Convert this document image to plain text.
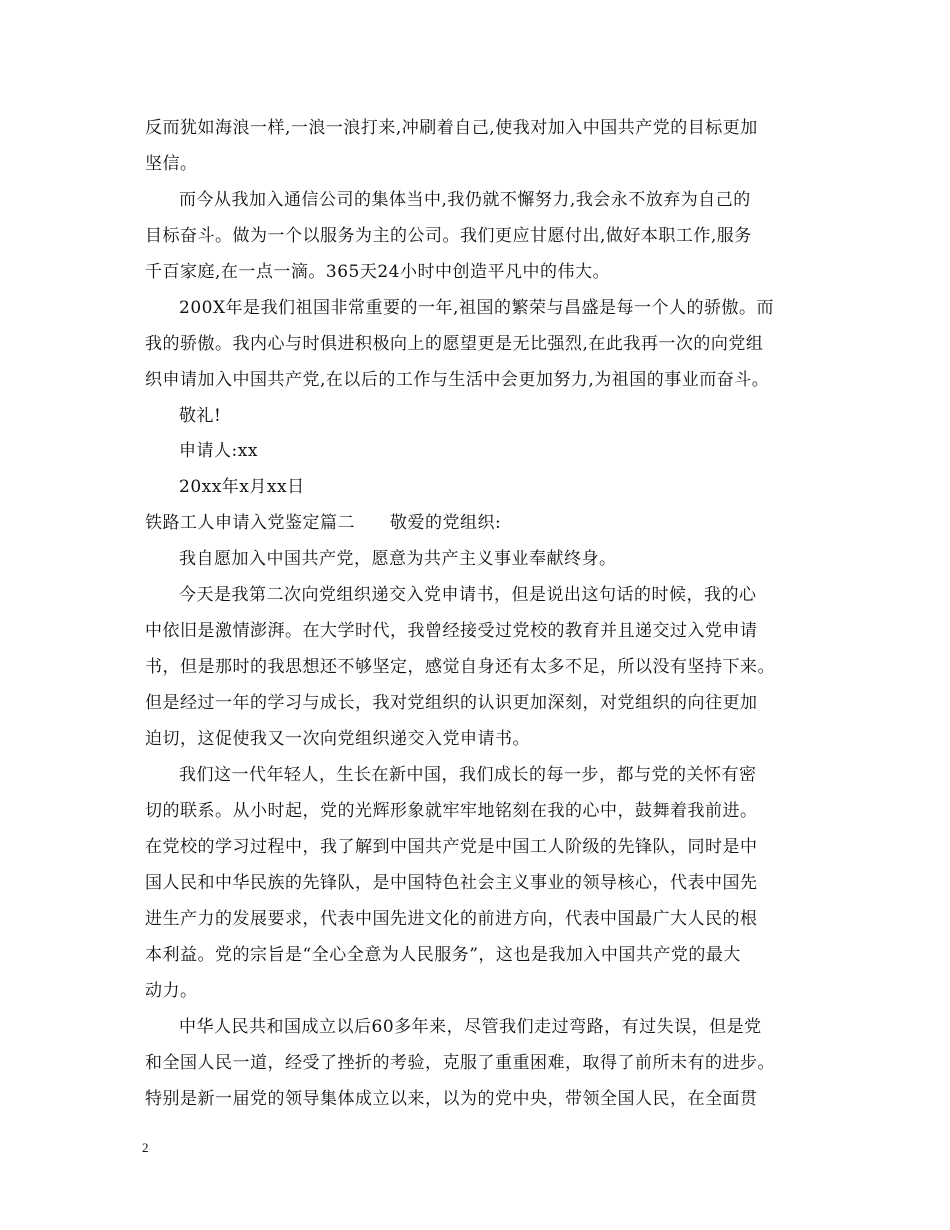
反而犹如海浪一样,一浪一浪打来,冲刷着自己,使我对加入中国共产党的目标更加
坚信。
而今从我加入通信公司的集体当中,我仍就不懈努力,我会永不放弃为自己的
目标奋斗。做为一个以服务为主的公司。我们更应甘愿付出,做好本职工作,服务
千百家庭,在一点一滴。365天24小时中创造平凡中的伟大。
200X年是我们祖国非常重要的一年,祖国的繁荣与昌盛是每一个人的骄傲。而
我的骄傲。我内心与时俱进积极向上的愿望更是无比强烈,在此我再一次的向党组
织申请加入中国共产党,在以后的工作与生活中会更加努力,为祖国的事业而奋斗。
敬礼!
申请人:xx
20xx年x月xx日
铁路工人申请入党鉴定篇二　　敬爱的党组织:
我自愿加入中国共产党，愿意为共产主义事业奉献终身。
今天是我第二次向党组织递交入党申请书，但是说出这句话的时候，我的心
中依旧是激情澎湃。在大学时代，我曾经接受过党校的教育并且递交过入党申请
书，但是那时的我思想还不够坚定，感觉自身还有太多不足，所以没有坚持下来。
但是经过一年的学习与成长，我对党组织的认识更加深刻，对党组织的向往更加
迫切，这促使我又一次向党组织递交入党申请书。
我们这一代年轻人，生长在新中国，我们成长的每一步，都与党的关怀有密
切的联系。从小时起，党的光辉形象就牢牢地铭刻在我的心中，鼓舞着我前进。
在党校的学习过程中，我了解到中国共产党是中国工人阶级的先锋队，同时是中
国人民和中华民族的先锋队，是中国特色社会主义事业的领导核心，代表中国先
进生产力的发展要求，代表中国先进文化的前进方向，代表中国最广大人民的根
本利益。党的宗旨是“全心全意为人民服务”，这也是我加入中国共产党的最大
动力。
中华人民共和国成立以后60多年来，尽管我们走过弯路，有过失误，但是党
和全国人民一道，经受了挫折的考验，克服了重重困难，取得了前所未有的进步。
特别是新一届党的领导集体成立以来，以为的党中央，带领全国人民，在全面贯
2
